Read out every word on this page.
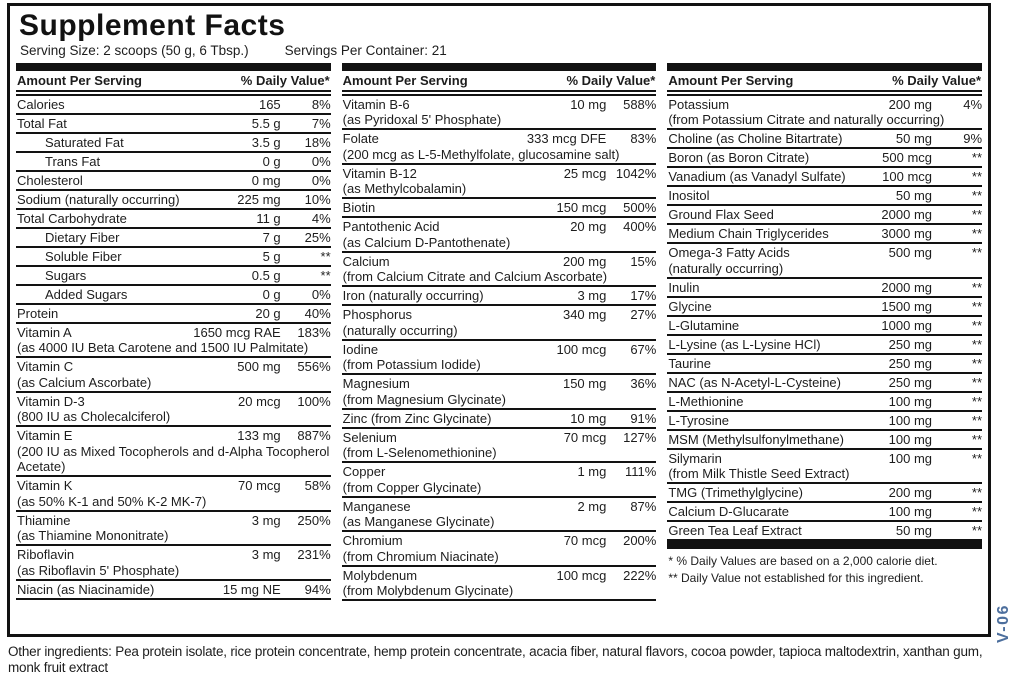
Supplement Facts
Serving Size: 2 scoops (50 g, 6 Tbsp.)	Servings Per Container: 21
Amount Per Serving	% Daily Value*
Calories	165	8%
Total Fat	5.5 g	7%
Saturated Fat	3.5 g	18%
Trans Fat	0 g	0%
Cholesterol	0 mg	0%
Sodium (naturally occurring)	225 mg	10%
Total Carbohydrate	11 g	4%
Dietary Fiber	7 g	25%
Soluble Fiber	5 g	**
Sugars	0.5 g	**
Added Sugars	0 g	0%
Protein	20 g	40%
Vitamin A	1650 mcg RAE	183%
(as 4000 IU Beta Carotene and 1500 IU Palmitate)
Vitamin C	500 mg	556%
(as Calcium Ascorbate)
Vitamin D-3	20 mcg	100%
(800 IU as Cholecalciferol)
Vitamin E	133 mg	887%
(200 IU as Mixed Tocopherols and d-Alpha Tocopherol Acetate)
Vitamin K	70 mcg	58%
(as 50% K-1 and 50% K-2 MK-7)
Thiamine	3 mg	250%
(as Thiamine Mononitrate)
Riboflavin	3 mg	231%
(as Riboflavin 5' Phosphate)
Niacin (as Niacinamide)	15 mg NE	94%
Amount Per Serving	% Daily Value*
Vitamin B-6	10 mg	588%
(as Pyridoxal 5' Phosphate)
Folate	333 mcg DFE	83%
(200 mcg as L-5-Methylfolate, glucosamine salt)
Vitamin B-12	25 mcg 1042%
(as Methylcobalamin)
Biotin	150 mcg	500%
Pantothenic Acid	20 mg	400%
(as Calcium D-Pantothenate)
Calcium	200 mg	15%
(from Calcium Citrate and Calcium Ascorbate)
Iron (naturally occurring)	3 mg	17%
Phosphorus	340 mg	27%
(naturally occurring)
Iodine	100 mcg	67%
(from Potassium Iodide)
Magnesium	150 mg	36%
(from Magnesium Glycinate)
Zinc (from Zinc Glycinate)	10 mg	91%
Selenium	70 mcg	127%
(from L-Selenomethionine)
Copper	1 mg	111%
(from Copper Glycinate)
Manganese	2 mg	87%
(as Manganese Glycinate)
Chromium	70 mcg	200%
(from Chromium Niacinate)
Molybdenum	100 mcg	222%
(from Molybdenum Glycinate)
Amount Per Serving	% Daily Value*
Potassium	200 mg	4%
(from Potassium Citrate and naturally occurring)
Choline (as Choline Bitartrate)	50 mg	9%
Boron (as Boron Citrate)	500 mcg	**
Vanadium (as Vanadyl Sulfate)	100 mcg	**
Inositol	50 mg	**
Ground Flax Seed	2000 mg	**
Medium Chain Triglycerides	3000 mg	**
Omega-3 Fatty Acids	500 mg	**
(naturally occurring)
Inulin	2000 mg	**
Glycine	1500 mg	**
L-Glutamine	1000 mg	**
L-Lysine (as L-Lysine HCl)	250 mg	**
Taurine	250 mg	**
NAC (as N-Acetyl-L-Cysteine)	250 mg	**
L-Methionine	100 mg	**
L-Tyrosine	100 mg	**
MSM (Methylsulfonylmethane)	100 mg	**
Silymarin	100 mg	**
(from Milk Thistle Seed Extract)
TMG (Trimethylglycine)	200 mg	**
Calcium D-Glucarate	100 mg	**
Green Tea Leaf Extract	50 mg	**
* % Daily Values are based on a 2,000 calorie diet.
** Daily Value not established for this ingredient.
V-06
Other ingredients: Pea protein isolate, rice protein concentrate, hemp protein concentrate, acacia fiber, natural flavors, cocoa powder, tapioca maltodextrin, xanthan gum, monk fruit extract
